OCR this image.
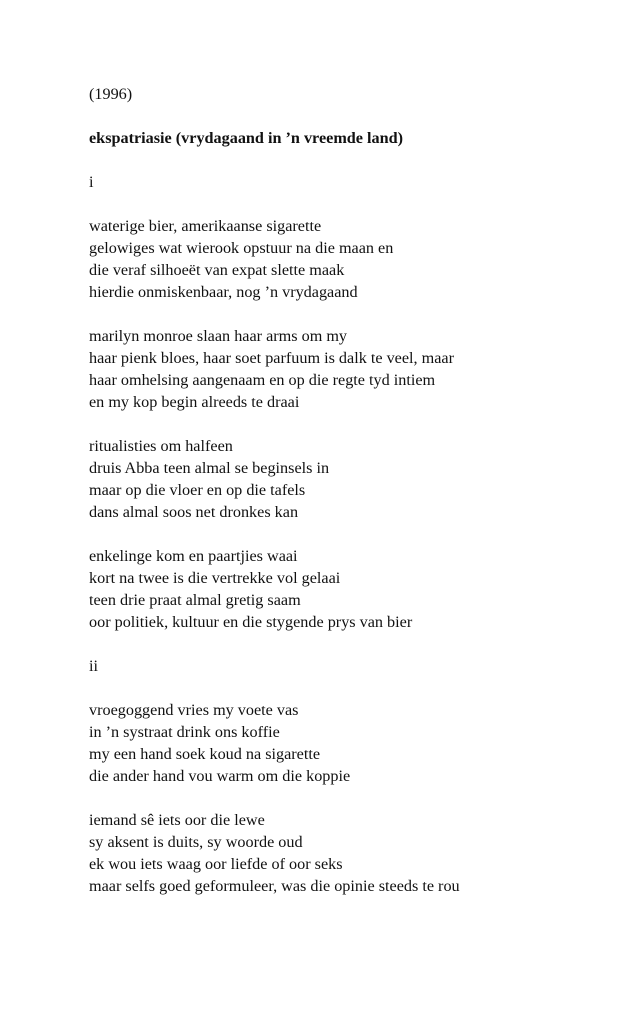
(1996)

ekspatriasie (vrydagaand in ’n vreemde land)

i

waterige bier, amerikaanse sigarette
gelowiges wat wierook opstuur na die maan en
die veraf silhoeët van expat slette maak
hierdie onmiskenbaar, nog ’n vrydagaand
marilyn monroe slaan haar arms om my
haar pienk bloes, haar soet parfuum is dalk te veel, maar
haar omhelsing aangenaam en op die regte tyd intiem
en my kop begin alreeds te draai
ritualisties om halfeen
druis Abba teen almal se beginsels in
maar op die vloer en op die tafels
dans almal soos net dronkes kan
enkelinge kom en paartjies waai
kort na twee is die vertrekke vol gelaai
teen drie praat almal gretig saam
oor politiek, kultuur en die stygende prys van bier

ii

vroegoggend vries my voete vas
in ’n systraat drink ons koffie
my een hand soek koud na sigarette
die ander hand vou warm om die koppie
iemand sê iets oor die lewe
sy aksent is duits, sy woorde oud
ek wou iets waag oor liefde of oor seks
maar selfs goed geformuleer, was die opinie steeds te rou
